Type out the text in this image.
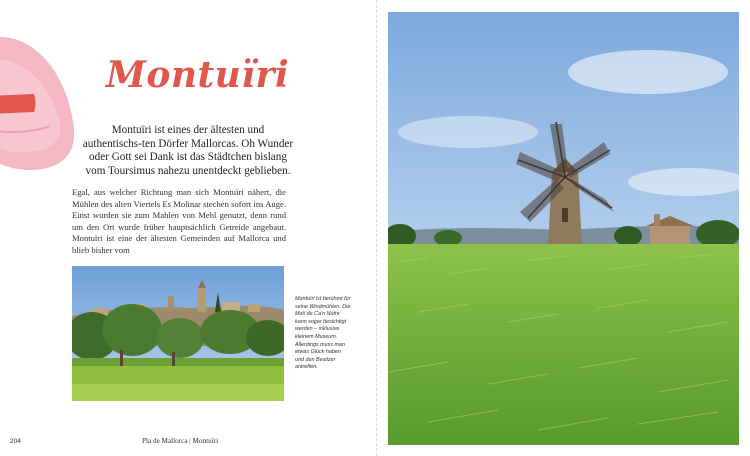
Montuïri

Montuïri ist eines der ältesten und authentischs-ten Dörfer Mallorcas. Oh Wunder oder Gott sei Dank ist das Städtchen bislang vom Toursimus nahezu unentdeckt geblieben.

Egal, aus welcher Richtung man sich Montuïri nähert, die Mühlen des alten Viertels Es Molinar stechen sofort ins Auge. Einst wurden sie zum Mahlen von Mehl genutzt, denn rund um den Ort wurde früher hauptsächlich Getreide angebaut. Montuïri ist eine der ältesten Gemeinden auf Mallorca und blieb bisher vom

Montuïri ist berühmt für seine Windmühlen. Die Molí de Ca'n Nofre kann sogar besichtigt werden – inklusive kleinem Museum. Allerdings muss man etwas Glück haben und den Besitzer antreffen.

204	Pla de Mallorca | Montuïri
